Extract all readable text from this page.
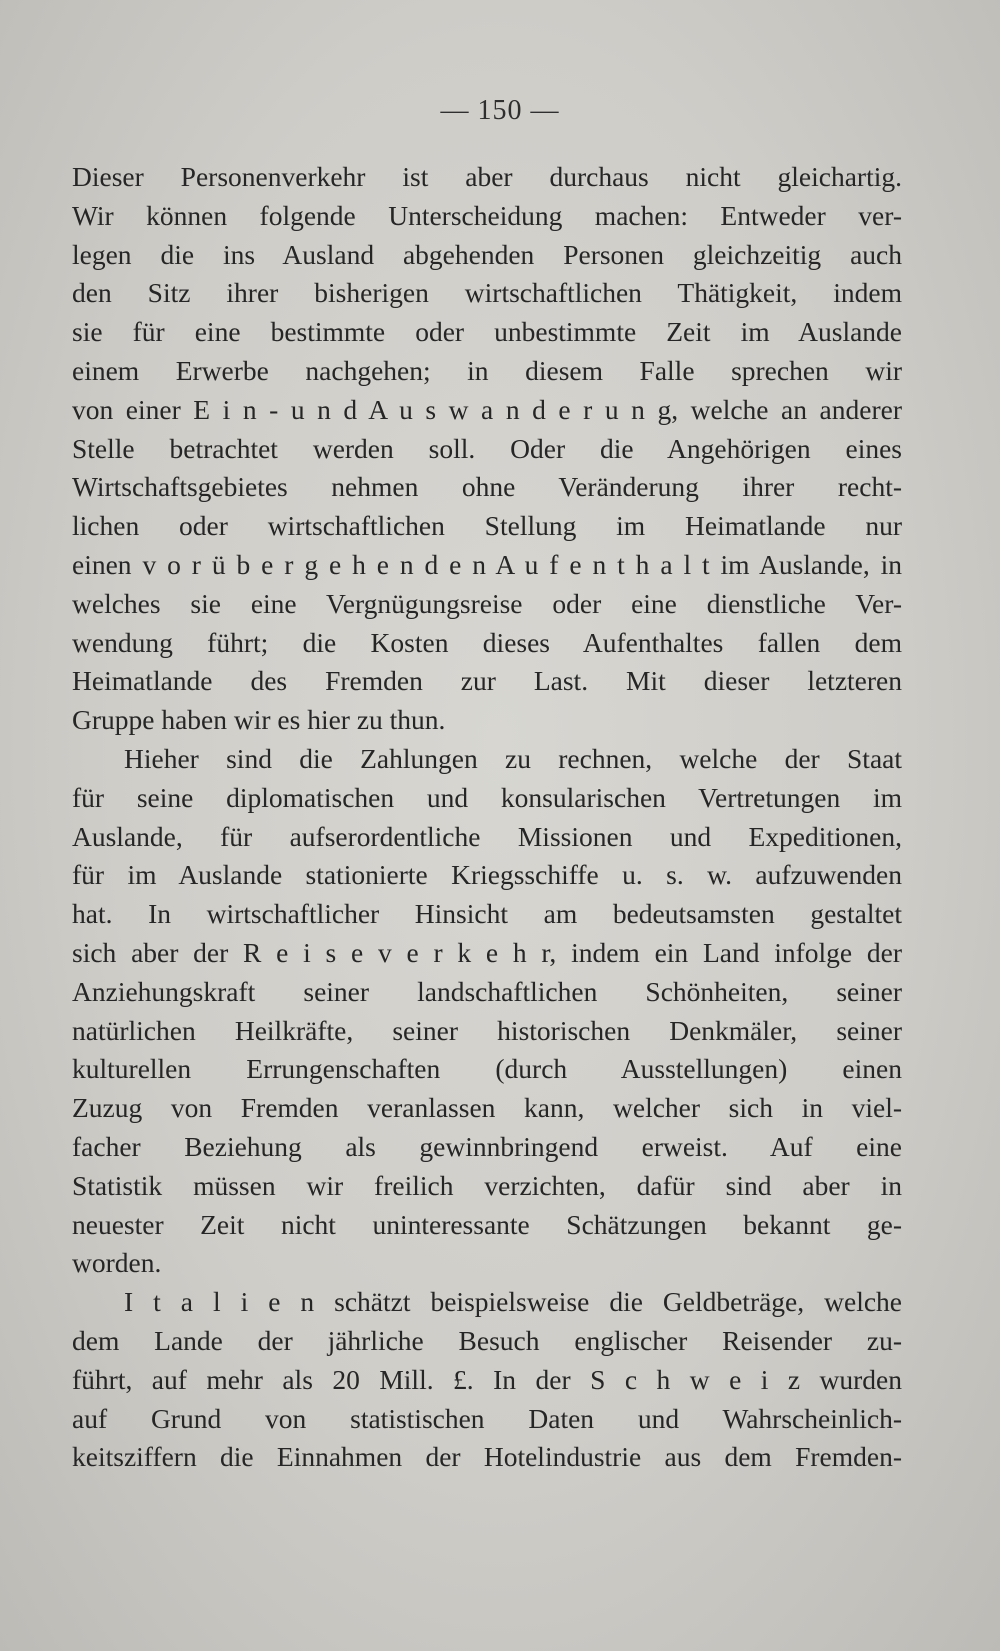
— 150 —
Dieser Personenverkehr ist aber durchaus nicht gleichartig.
Wir können folgende Unterscheidung machen: Entweder ver-
legen die ins Ausland abgehenden Personen gleichzeitig auch
den Sitz ihrer bisherigen wirtschaftlichen Thätigkeit, indem
sie für eine bestimmte oder unbestimmte Zeit im Auslande
einem Erwerbe nachgehen; in diesem Falle sprechen wir
von einer E i n - u n d A u s w a n d e r u n g, welche an anderer
Stelle betrachtet werden soll. Oder die Angehörigen eines
Wirtschaftsgebietes nehmen ohne Veränderung ihrer recht-
lichen oder wirtschaftlichen Stellung im Heimatlande nur
einen v o r ü b e r g e h e n d e n A u f e n t h a l t im Auslande, in
welches sie eine Vergnügungsreise oder eine dienstliche Ver-
wendung führt; die Kosten dieses Aufenthaltes fallen dem
Heimatlande des Fremden zur Last. Mit dieser letzteren
Gruppe haben wir es hier zu thun.
Hieher sind die Zahlungen zu rechnen, welche der Staat
für seine diplomatischen und konsularischen Vertretungen im
Auslande, für aufserordentliche Missionen und Expeditionen,
für im Auslande stationierte Kriegsschiffe u. s. w. aufzuwenden
hat. In wirtschaftlicher Hinsicht am bedeutsamsten gestaltet
sich aber der R e i s e v e r k e h r, indem ein Land infolge der
Anziehungskraft seiner landschaftlichen Schönheiten, seiner
natürlichen Heilkräfte, seiner historischen Denkmäler, seiner
kulturellen Errungenschaften (durch Ausstellungen) einen
Zuzug von Fremden veranlassen kann, welcher sich in viel-
facher Beziehung als gewinnbringend erweist. Auf eine
Statistik müssen wir freilich verzichten, dafür sind aber in
neuester Zeit nicht uninteressante Schätzungen bekannt ge-
worden.
I t a l i e n schätzt beispielsweise die Geldbeträge, welche
dem Lande der jährliche Besuch englischer Reisender zu-
führt, auf mehr als 20 Mill. £. In der S c h w e i z wurden
auf Grund von statistischen Daten und Wahrscheinlich-
keitsziffern die Einnahmen der Hotelindustrie aus dem Fremden-
